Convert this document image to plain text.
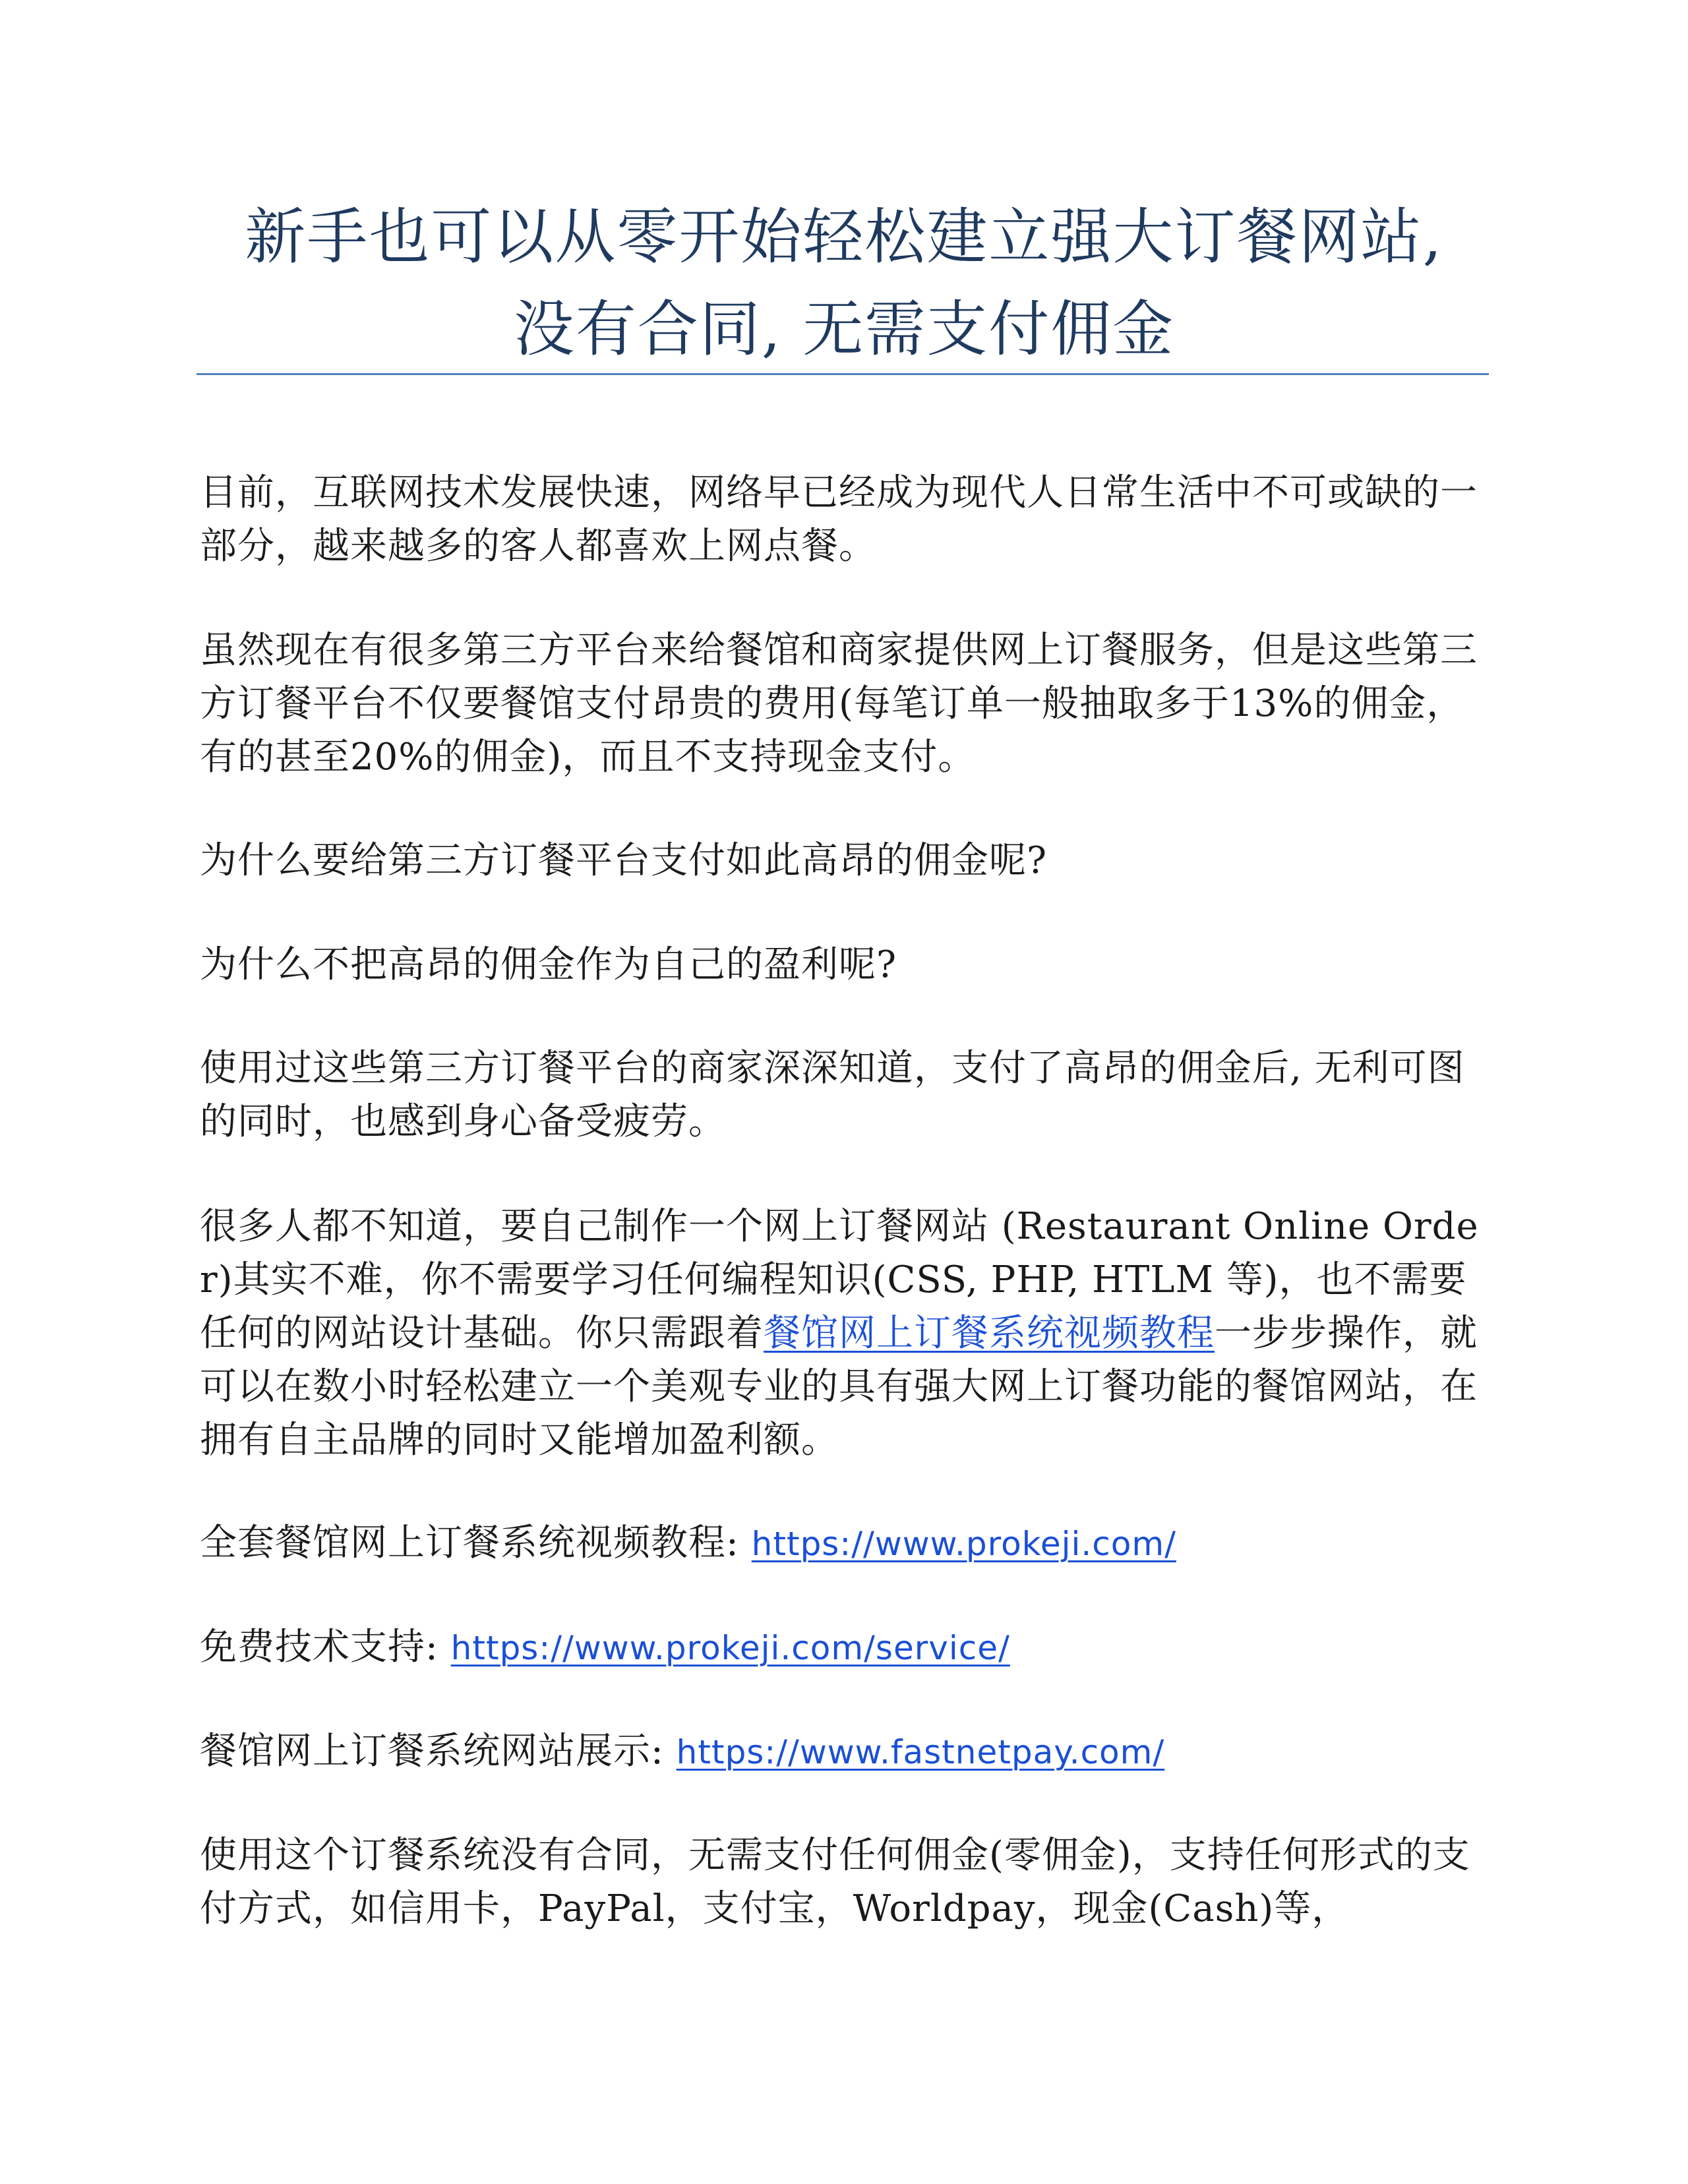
新手也可以从零开始轻松建立强大订餐网站,
没有合同, 无需支付佣金

目前，互联网技术发展快速，网络早已经成为现代人日常生活中不可或缺的一部分，越来越多的客人都喜欢上网点餐。

虽然现在有很多第三方平台来给餐馆和商家提供网上订餐服务，但是这些第三方订餐平台不仅要餐馆支付昂贵的费用(每笔订单一般抽取多于13%的佣金，有的甚至20%的佣金)，而且不支持现金支付。

为什么要给第三方订餐平台支付如此高昂的佣金呢?

为什么不把高昂的佣金作为自己的盈利呢?

使用过这些第三方订餐平台的商家深深知道，支付了高昂的佣金后, 无利可图的同时，也感到身心备受疲劳。

很多人都不知道，要自己制作一个网上订餐网站 (Restaurant Online Order)其实不难，你不需要学习任何编程知识(CSS, PHP, HTLM 等)，也不需要任何的网站设计基础。你只需跟着餐馆网上订餐系统视频教程一步步操作，就可以在数小时轻松建立一个美观专业的具有强大网上订餐功能的餐馆网站，在拥有自主品牌的同时又能增加盈利额。

全套餐馆网上订餐系统视频教程: https://www.prokeji.com/

免费技术支持: https://www.prokeji.com/service/

餐馆网上订餐系统网站展示: https://www.fastnetpay.com/

使用这个订餐系统没有合同，无需支付任何佣金(零佣金)，支持任何形式的支付方式，如信用卡，PayPal，支付宝，Worldpay，现金(Cash)等，
